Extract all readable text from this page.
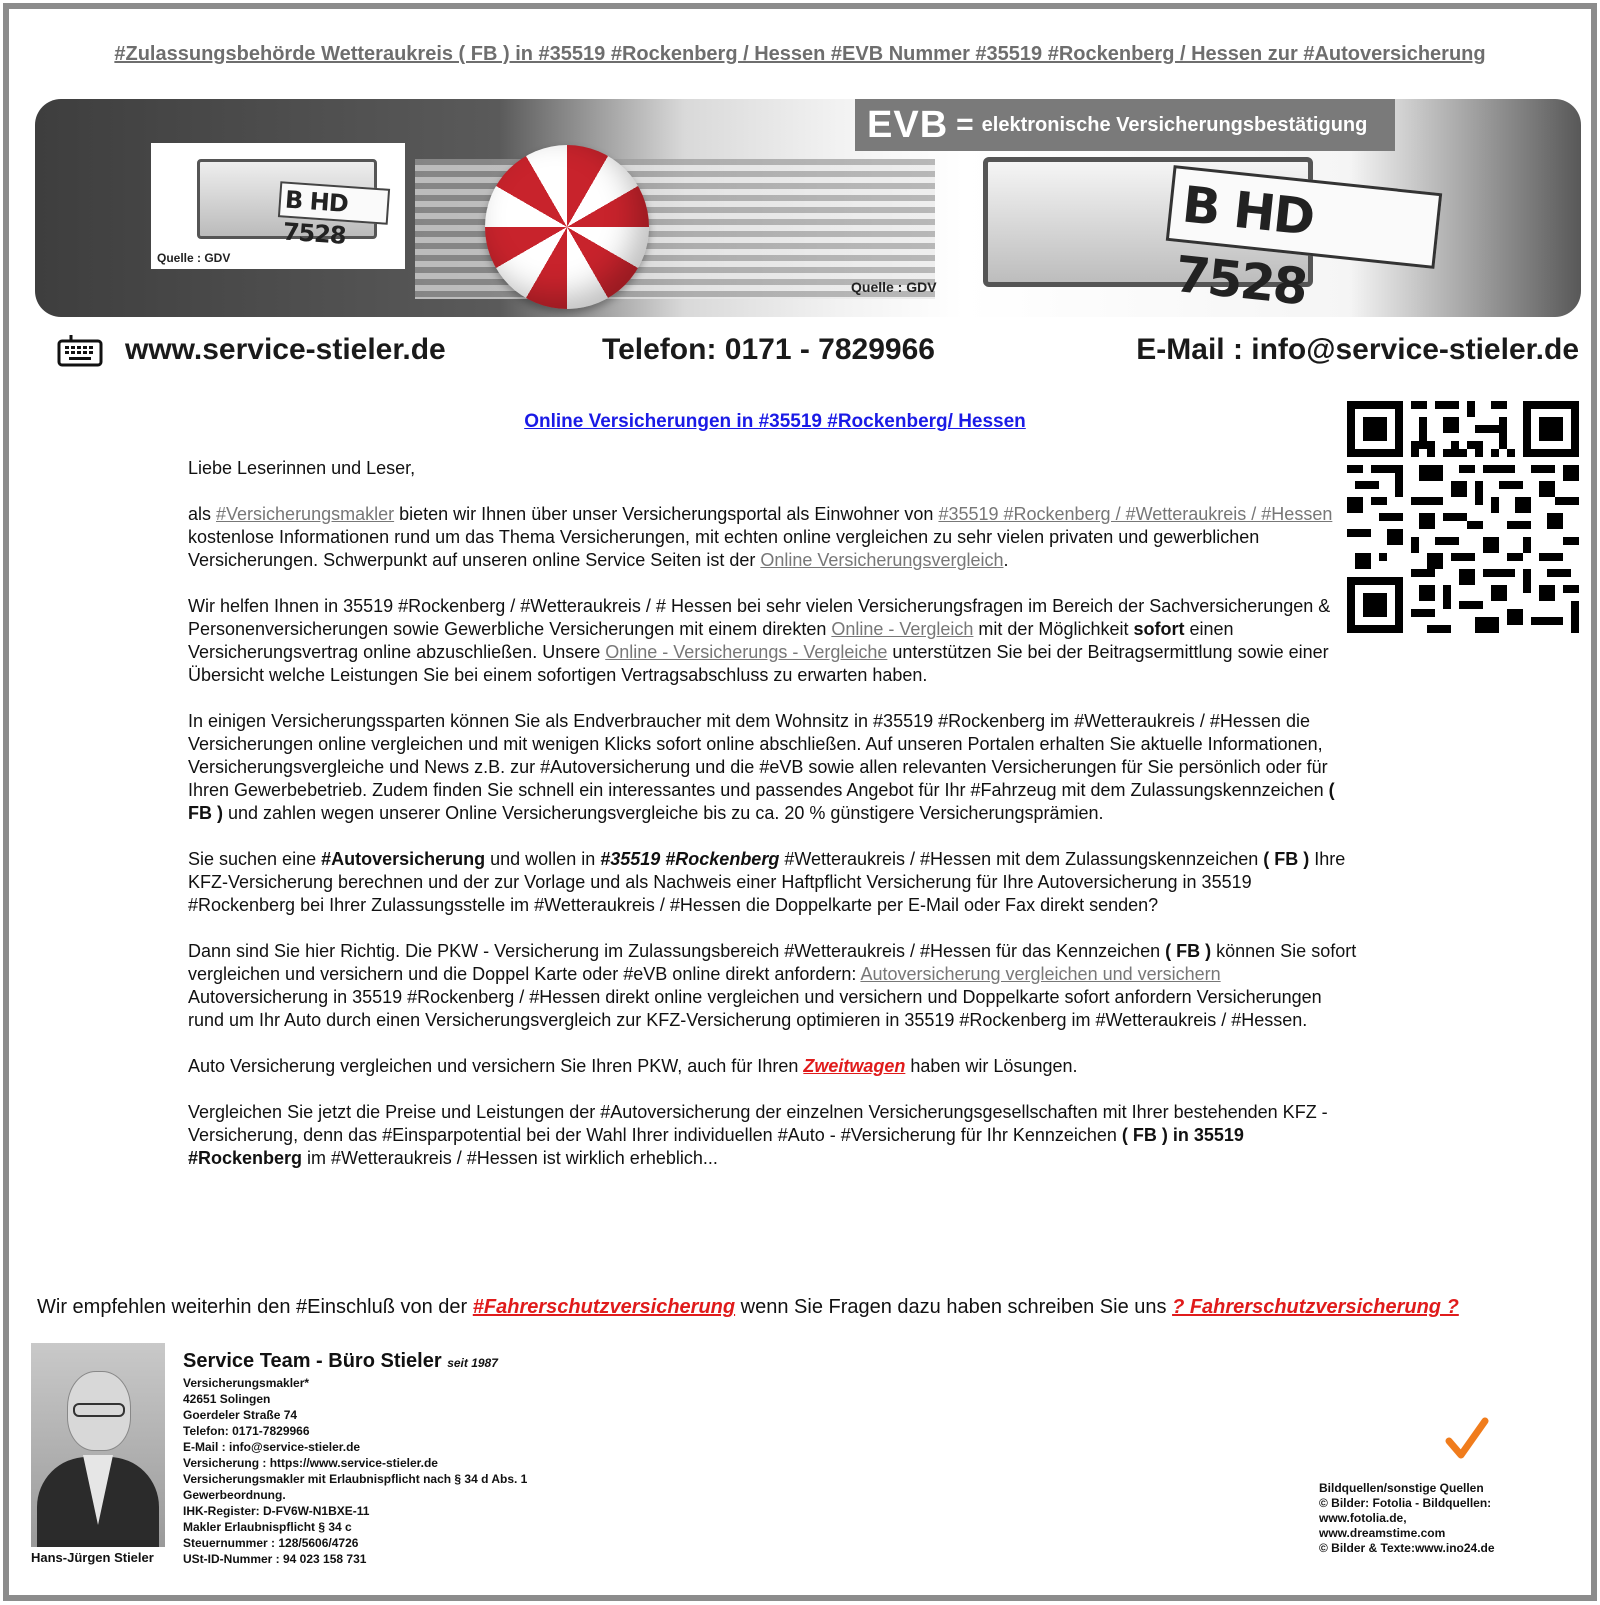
#Zulassungsbehörde Wetteraukreis ( FB ) in #35519 #Rockenberg / Hessen #EVB Nummer #35519 #Rockenberg / Hessen zur #Autoversicherung
B HD 7528
Quelle : GDV
EVB = elektronische Versicherungsbestätigung
B HD 7528
Quelle : GDV
www.service-stieler.de	Telefon: 0171 - 7829966	E-Mail : info@service-stieler.de
Online Versicherungen in #35519 #Rockenberg/ Hessen

Liebe Leserinnen und Leser,

als #Versicherungsmakler bieten wir Ihnen über unser Versicherungsportal als Einwohner von #35519 #Rockenberg / #Wetteraukreis / #Hessen kostenlose Informationen rund um das Thema Versicherungen, mit echten online vergleichen zu sehr vielen privaten und gewerblichen Versicherungen. Schwerpunkt auf unseren online Service Seiten ist der Online Versicherungsvergleich.

Wir helfen Ihnen in 35519 #Rockenberg / #Wetteraukreis / # Hessen bei sehr vielen Versicherungsfragen im Bereich der Sachversicherungen & Personenversicherungen sowie Gewerbliche Versicherungen mit einem direkten Online - Vergleich mit der Möglichkeit sofort einen Versicherungsvertrag online abzuschließen. Unsere Online - Versicherungs - Vergleiche unterstützen Sie bei der Beitragsermittlung sowie einer Übersicht welche Leistungen Sie bei einem sofortigen Vertragsabschluss zu erwarten haben.

In einigen Versicherungssparten können Sie als Endverbraucher mit dem Wohnsitz in #35519 #Rockenberg im #Wetteraukreis / #Hessen die Versicherungen online vergleichen und mit wenigen Klicks sofort online abschließen. Auf unseren Portalen erhalten Sie aktuelle Informationen, Versicherungsvergleiche und News z.B. zur #Autoversicherung und die #eVB sowie allen relevanten Versicherungen für Sie persönlich oder für Ihren Gewerbebetrieb. Zudem finden Sie schnell ein interessantes und passendes Angebot für Ihr #Fahrzeug mit dem Zulassungskennzeichen ( FB ) und zahlen wegen unserer Online Versicherungsvergleiche bis zu ca. 20 % günstigere Versicherungsprämien.

Sie suchen eine #Autoversicherung und wollen in #35519 #Rockenberg #Wetteraukreis / #Hessen mit dem Zulassungskennzeichen ( FB ) Ihre KFZ-Versicherung berechnen und der zur Vorlage und als Nachweis einer Haftpflicht Versicherung für Ihre Autoversicherung in 35519 #Rockenberg bei Ihrer Zulassungsstelle im #Wetteraukreis / #Hessen die Doppelkarte per E-Mail oder Fax direkt senden?

Dann sind Sie hier Richtig. Die PKW - Versicherung im Zulassungsbereich #Wetteraukreis / #Hessen für das Kennzeichen ( FB ) können Sie sofort vergleichen und versichern und die Doppel Karte oder #eVB online direkt anfordern: Autoversicherung vergleichen und versichern Autoversicherung in 35519 #Rockenberg / #Hessen direkt online vergleichen und versichern und Doppelkarte sofort anfordern Versicherungen rund um Ihr Auto durch einen Versicherungsvergleich zur KFZ-Versicherung optimieren in 35519 #Rockenberg im #Wetteraukreis / #Hessen.

Auto Versicherung vergleichen und versichern Sie Ihren PKW, auch für Ihren Zweitwagen haben wir Lösungen.

Vergleichen Sie jetzt die Preise und Leistungen der #Autoversicherung der einzelnen Versicherungsgesellschaften mit Ihrer bestehenden KFZ - Versicherung, denn das #Einsparpotential bei der Wahl Ihrer individuellen #Auto - #Versicherung für Ihr Kennzeichen ( FB ) in 35519 #Rockenberg im #Wetteraukreis / #Hessen ist wirklich erheblich...

Wir empfehlen weiterhin den #Einschluß von der #Fahrerschutzversicherung wenn Sie Fragen dazu haben schreiben Sie uns ? Fahrerschutzversicherung ?
Hans-Jürgen Stieler
Service Team - Büro Stieler seit 1987
Versicherungsmakler*
42651 Solingen
Goerdeler Straße 74
Telefon: 0171-7829966
E-Mail : info@service-stieler.de
Versicherung : https://www.service-stieler.de
Versicherungsmakler mit Erlaubnispflicht nach § 34 d Abs. 1
Gewerbeordnung.
IHK-Register: D-FV6W-N1BXE-11
Makler Erlaubnispflicht § 34 c
Steuernummer : 128/5606/4726
USt-ID-Nummer : 94 023 158 731
Bildquellen/sonstige Quellen
© Bilder: Fotolia - Bildquellen:
www.fotolia.de,
www.dreamstime.com
© Bilder & Texte:www.ino24.de
